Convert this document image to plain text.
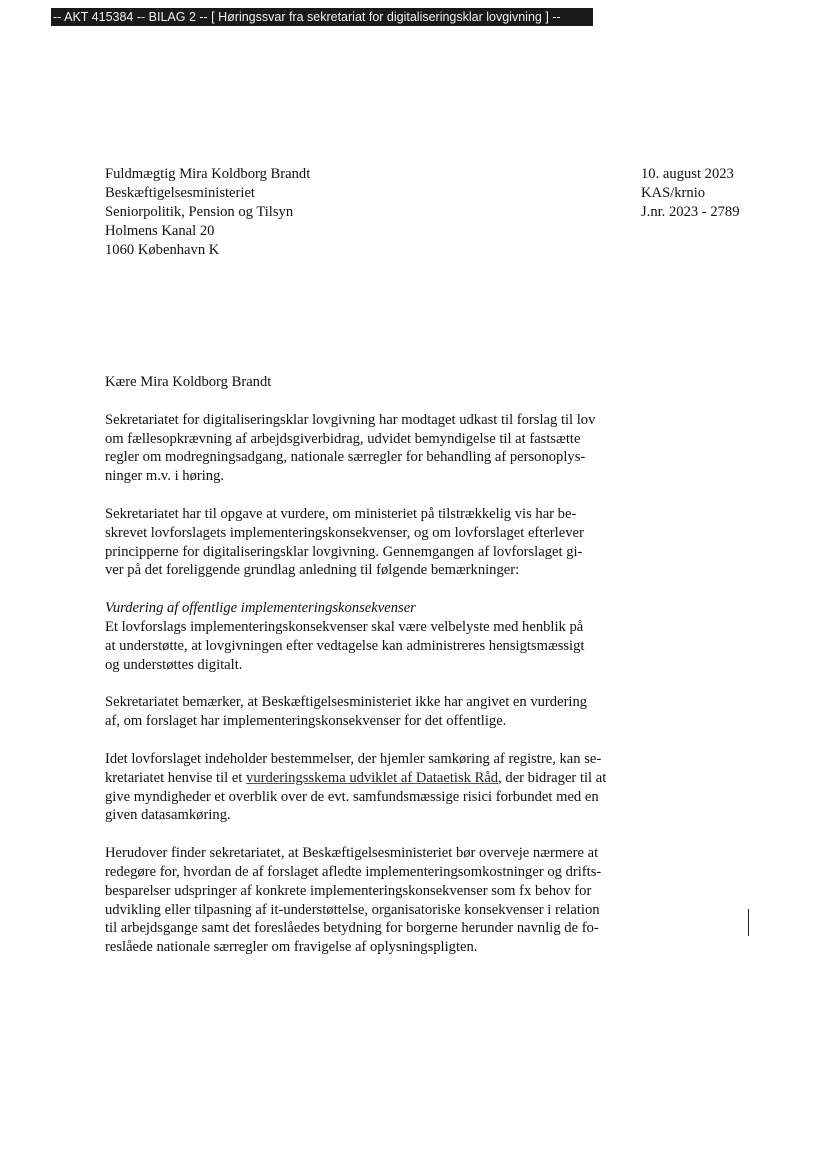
-- AKT 415384 -- BILAG 2 -- [ Høringssvar fra sekretariat for digitaliseringsklar lovgivning ] --
Fuldmægtig Mira Koldborg Brandt
Beskæftigelsesministeriet
Seniorpolitik, Pension og Tilsyn
Holmens Kanal 20
1060 København K
10. august 2023
KAS/krnio
J.nr. 2023 - 2789
Kære Mira Koldborg Brandt
Sekretariatet for digitaliseringsklar lovgivning har modtaget udkast til forslag til lov
om fællesopkrævning af arbejdsgiverbidrag, udvidet bemyndigelse til at fastsætte
regler om modregningsadgang, nationale særregler for behandling af personoplys-
ninger m.v. i høring.
Sekretariatet har til opgave at vurdere, om ministeriet på tilstrækkelig vis har be-
skrevet lovforslagets implementeringskonsekvenser, og om lovforslaget efterlever
principperne for digitaliseringsklar lovgivning. Gennemgangen af lovforslaget gi-
ver på det foreliggende grundlag anledning til følgende bemærkninger:
Vurdering af offentlige implementeringskonsekvenser
Et lovforslags implementeringskonsekvenser skal være velbelyste med henblik på
at understøtte, at lovgivningen efter vedtagelse kan administreres hensigtsmæssigt
og understøttes digitalt.
Sekretariatet bemærker, at Beskæftigelsesministeriet ikke har angivet en vurdering
af, om forslaget har implementeringskonsekvenser for det offentlige.
Idet lovforslaget indeholder bestemmelser, der hjemler samkøring af registre, kan se-
kretariatet henvise til et vurderingsskema udviklet af Dataetisk Råd, der bidrager til at
give myndigheder et overblik over de evt. samfundsmæssige risici forbundet med en
given datasamkøring.
Herudover finder sekretariatet, at Beskæftigelsesministeriet bør overveje nærmere at
redegøre for, hvordan de af forslaget afledte implementeringsomkostninger og drifts-
besparelser udspringer af konkrete implementeringskonsekvenser som fx behov for
udvikling eller tilpasning af it-understøttelse, organisatoriske konsekvenser i relation
til arbejdsgange samt det foreslåedes betydning for borgerne herunder navnlig de fo-
reslåede nationale særregler om fravigelse af oplysningspligten.
